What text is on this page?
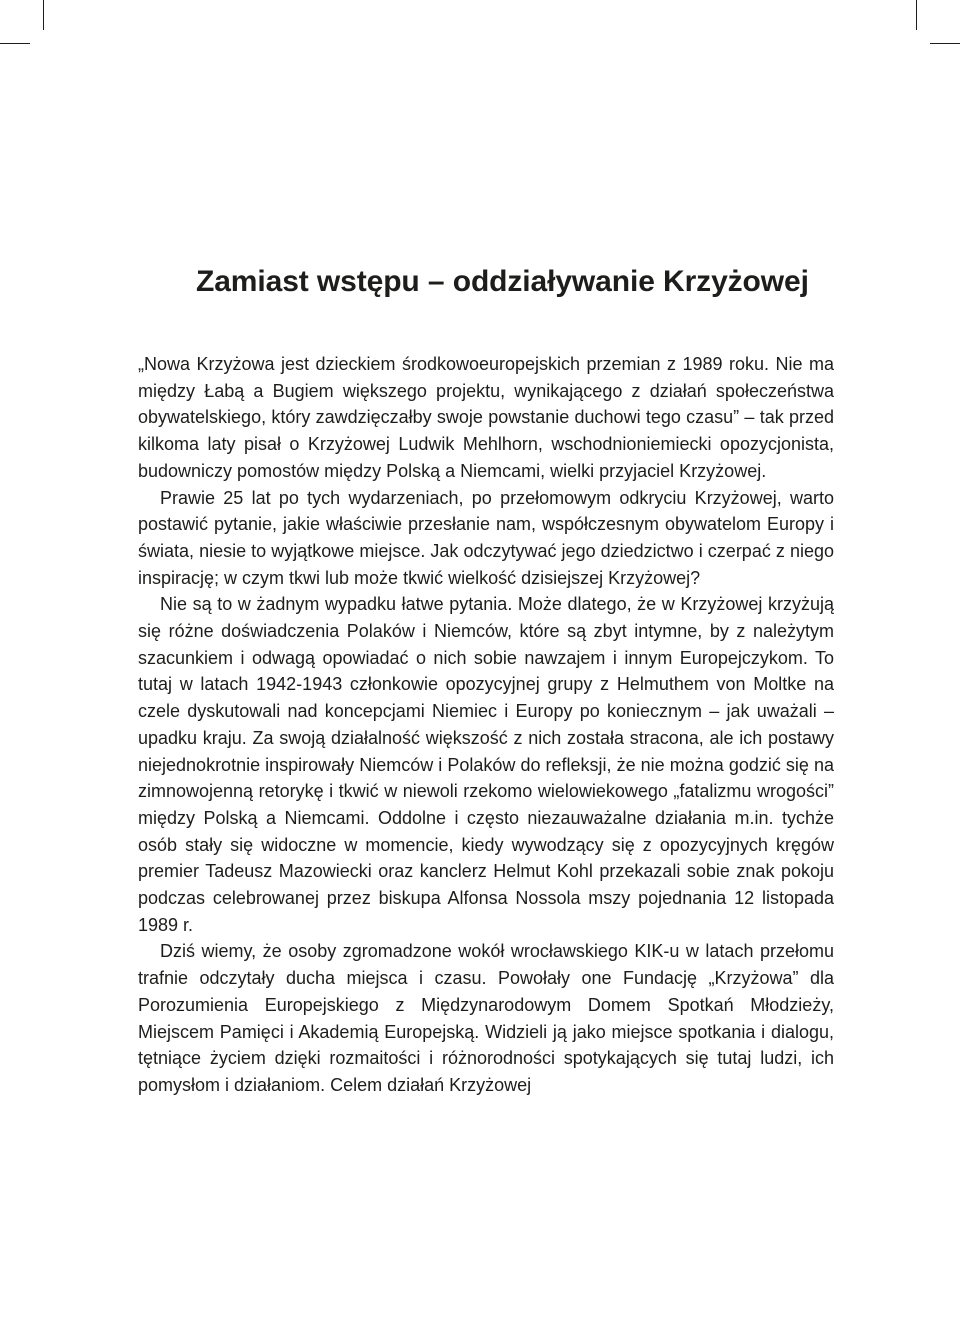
Zamiast wstępu – oddziaływanie Krzyżowej

„Nowa Krzyżowa jest dzieckiem środkowoeuropejskich przemian z 1989 roku. Nie ma między Łabą a Bugiem większego projektu, wynikającego z działań społeczeństwa obywatelskiego, który zawdzięczałby swoje powstanie duchowi tego czasu” – tak przed kilkoma laty pisał o Krzyżowej Ludwik Mehlhorn, wschodnioniemiecki opozycjonista, budowniczy pomostów między Polską a Niemcami, wielki przyjaciel Krzyżowej.

Prawie 25 lat po tych wydarzeniach, po przełomowym odkryciu Krzyżowej, warto postawić pytanie, jakie właściwie przesłanie nam, współczesnym obywatelom Europy i świata, niesie to wyjątkowe miejsce. Jak odczytywać jego dziedzictwo i czerpać z niego inspirację; w czym tkwi lub może tkwić wielkość dzisiejszej Krzyżowej?

Nie są to w żadnym wypadku łatwe pytania. Może dlatego, że w Krzyżowej krzyżują się różne doświadczenia Polaków i Niemców, które są zbyt intymne, by z należytym szacunkiem i odwagą opowiadać o nich sobie nawzajem i innym Europejczykom. To tutaj w latach 1942-1943 członkowie opozycyjnej grupy z Helmuthem von Moltke na czele dyskutowali nad koncepcjami Niemiec i Europy po koniecznym – jak uważali – upadku kraju. Za swoją działalność większość z nich została stracona, ale ich postawy niejednokrotnie inspirowały Niemców i Polaków do refleksji, że nie można godzić się na zimnowojenną retorykę i tkwić w niewoli rzekomo wielowiekowego „fatalizmu wrogości” między Polską a Niemcami. Oddolne i często niezauważalne działania m.in. tychże osób stały się widoczne w momencie, kiedy wywodzący się z opozycyjnych kręgów premier Tadeusz Mazowiecki oraz kanclerz Helmut Kohl przekazali sobie znak pokoju podczas celebrowanej przez biskupa Alfonsa Nossola mszy pojednania 12 listopada 1989 r.

Dziś wiemy, że osoby zgromadzone wokół wrocławskiego KIK-u w latach przełomu trafnie odczytały ducha miejsca i czasu. Powołały one Fundację „Krzyżowa” dla Porozumienia Europejskiego z Międzynarodowym Domem Spotkań Młodzieży, Miejscem Pamięci i Akademią Europejską. Widzieli ją jako miejsce spotkania i dialogu, tętniące życiem dzięki rozmaitości i różnorodności spotykających się tutaj ludzi, ich pomysłom i działaniom. Celem działań Krzyżowej
